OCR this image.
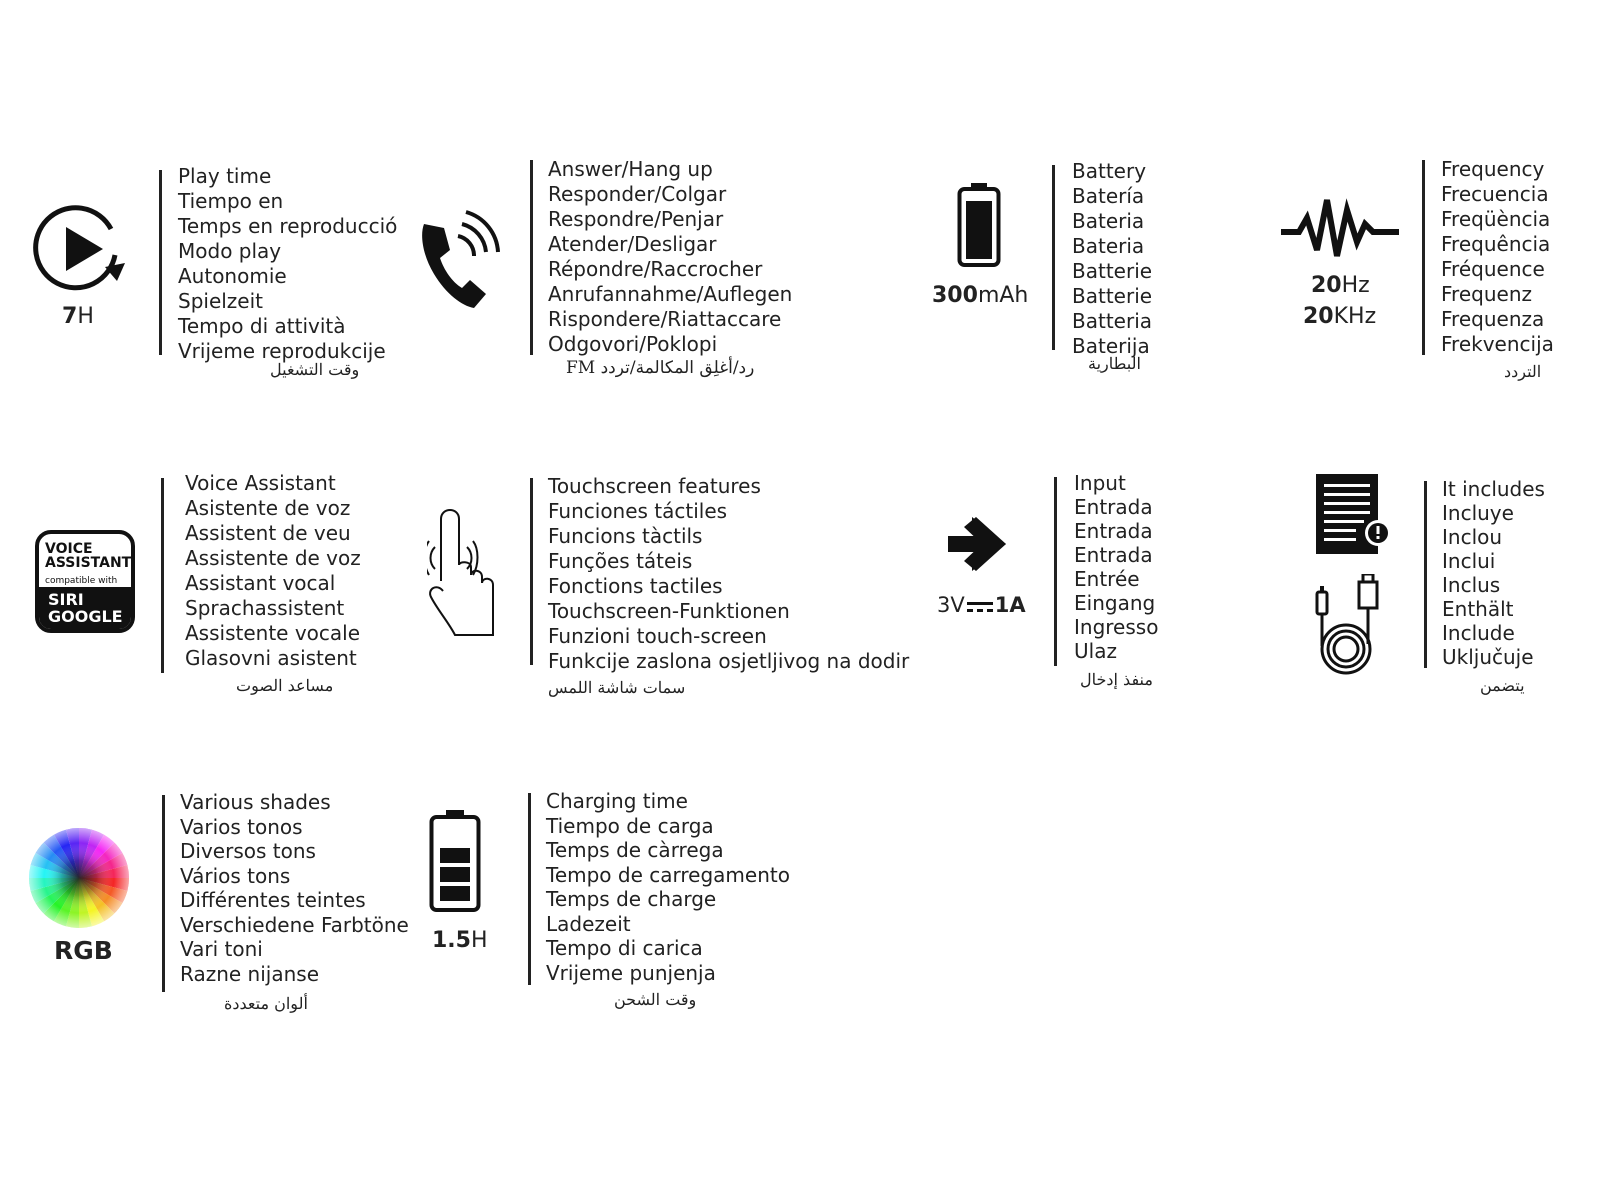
7H
Play time
Tiempo en
Temps en reproducció
Modo play
Autonomie
Spielzeit
Tempo di attività
Vrijeme reprodukcije
وقت التشغيل
Answer/Hang up
Responder/Colgar
Respondre/Penjar
Atender/Desligar
Répondre/Raccrocher
Anrufannahme/Auflegen
Rispondere/Riattaccare
Odgovori/Poklopi
رد/أغلِق المكالمة/تردد FM
300mAh
Battery
Batería
Bateria
Bateria
Batterie
Batterie
Batteria
Baterija
البطارية
20Hz
20KHz
Frequency
Frecuencia
Freqüència
Frequência
Fréquence
Frequenz
Frequenza
Frekvencija
التردد
VOICE
ASSISTANT
compatible with
SIRI
GOOGLE
Voice Assistant
Asistente de voz
Assistent de veu
Assistente de voz
Assistant vocal
Sprachassistent
Assistente vocale
Glasovni asistent
مساعد الصوت
Touchscreen features
Funciones táctiles
Funcions tàctils
Funções táteis
Fonctions tactiles
Touchscreen-Funktionen
Funzioni touch-screen
Funkcije zaslona osjetljivog na dodir
سمات شاشة اللمس
3V 1A
Input
Entrada
Entrada
Entrada
Entrée
Eingang
Ingresso
Ulaz
منفذ إدخال
It includes
Incluye
Inclou
Inclui
Inclus
Enthält
Include
Uključuje
يتضمن
RGB
Various shades
Varios tonos
Diversos tons
Vários tons
Différentes teintes
Verschiedene Farbtöne
Vari toni
Razne nijanse
ألوان متعددة
1.5H
Charging time
Tiempo de carga
Temps de càrrega
Tempo de carregamento
Temps de charge
Ladezeit
Tempo di carica
Vrijeme punjenja
وقت الشحن
